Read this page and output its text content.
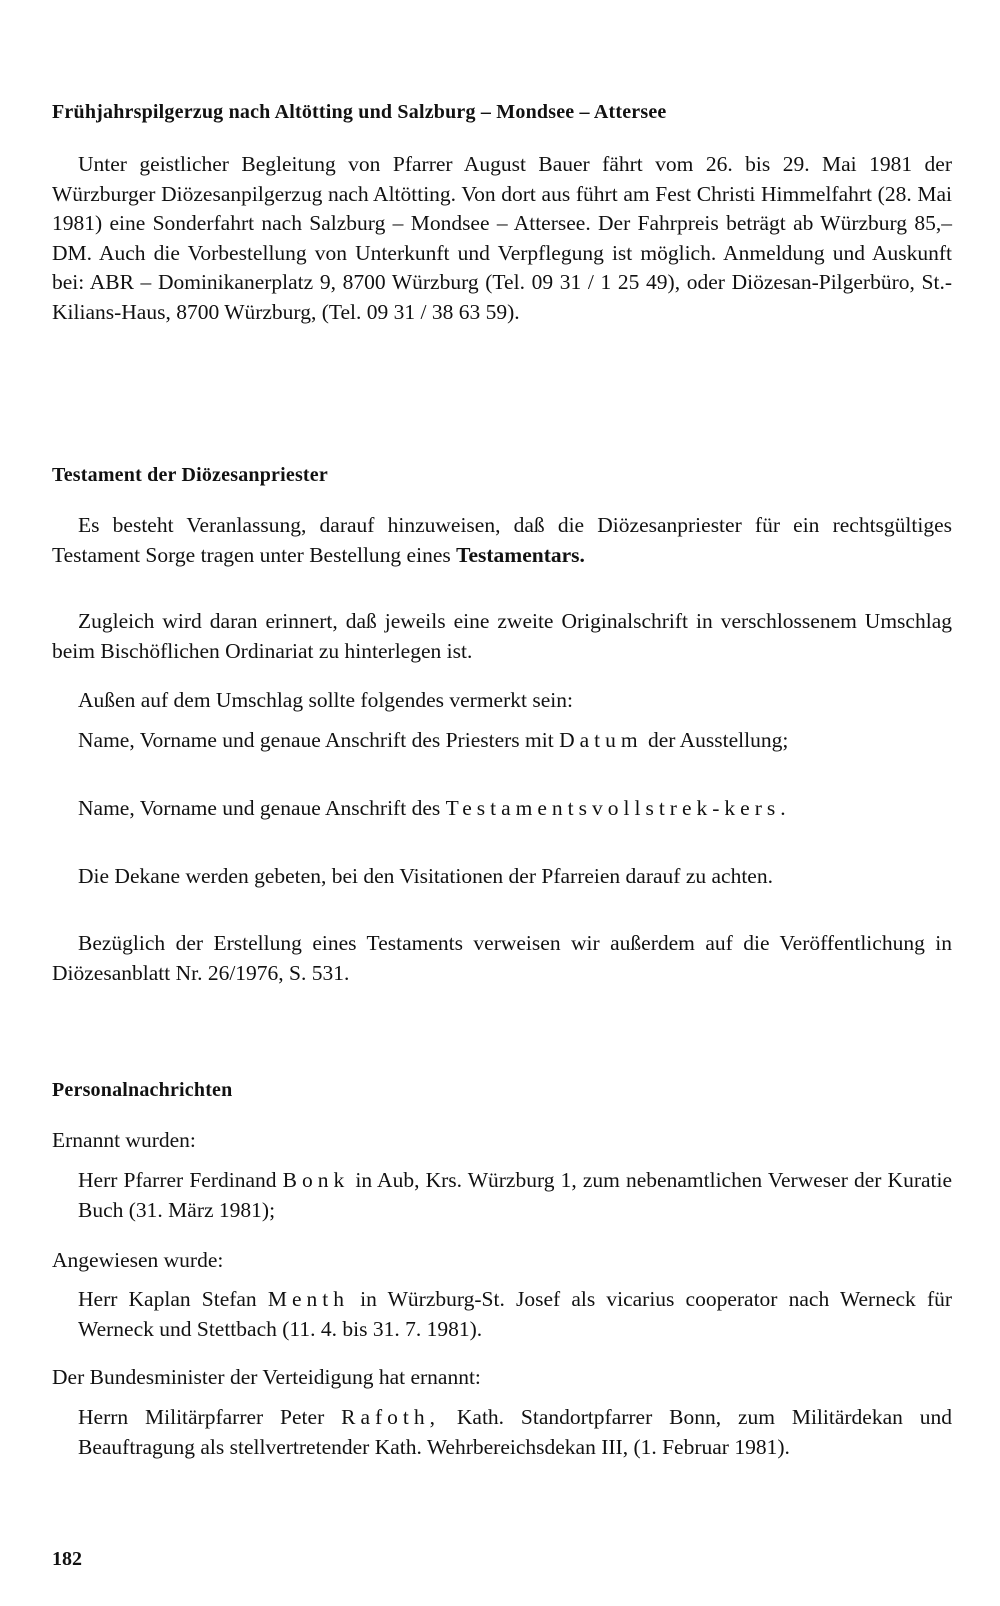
Frühjahrspilgerzug nach Altötting und Salzburg – Mondsee – Attersee

Unter geistlicher Begleitung von Pfarrer August Bauer fährt vom 26. bis 29. Mai 1981 der Würzburger Diözesanpilgerzug nach Altötting. Von dort aus führt am Fest Christi Himmelfahrt (28. Mai 1981) eine Sonderfahrt nach Salzburg – Mondsee – Attersee. Der Fahrpreis beträgt ab Würzburg 85,– DM. Auch die Vorbestellung von Unterkunft und Verpflegung ist möglich. Anmeldung und Auskunft bei: ABR – Dominikanerplatz 9, 8700 Würzburg (Tel. 09 31 / 1 25 49), oder Diözesan-Pilgerbüro, St.-Kilians-Haus, 8700 Würzburg, (Tel. 09 31 / 38 63 59).

Testament der Diözesanpriester

Es besteht Veranlassung, darauf hinzuweisen, daß die Diözesanpriester für ein rechtsgültiges Testament Sorge tragen unter Bestellung eines Testamentars.

Zugleich wird daran erinnert, daß jeweils eine zweite Originalschrift in verschlossenem Umschlag beim Bischöflichen Ordinariat zu hinterlegen ist.

Außen auf dem Umschlag sollte folgendes vermerkt sein:

Name, Vorname und genaue Anschrift des Priesters mit Datum der Ausstellung;

Name, Vorname und genaue Anschrift des Testamentsvollstrek-kers.

Die Dekane werden gebeten, bei den Visitationen der Pfarreien darauf zu achten.

Bezüglich der Erstellung eines Testaments verweisen wir außerdem auf die Veröffentlichung in Diözesanblatt Nr. 26/1976, S. 531.

Personalnachrichten
Ernannt wurden:
Herr Pfarrer Ferdinand Bonk in Aub, Krs. Würzburg 1, zum nebenamtlichen Verweser der Kuratie Buch (31. März 1981);
Angewiesen wurde:
Herr Kaplan Stefan Menth in Würzburg-St. Josef als vicarius cooperator nach Werneck für Werneck und Stettbach (11. 4. bis 31. 7. 1981).
Der Bundesminister der Verteidigung hat ernannt:
Herrn Militärpfarrer Peter Rafoth, Kath. Standortpfarrer Bonn, zum Militärdekan und Beauftragung als stellvertretender Kath. Wehrbereichsdekan III, (1. Februar 1981).
182
